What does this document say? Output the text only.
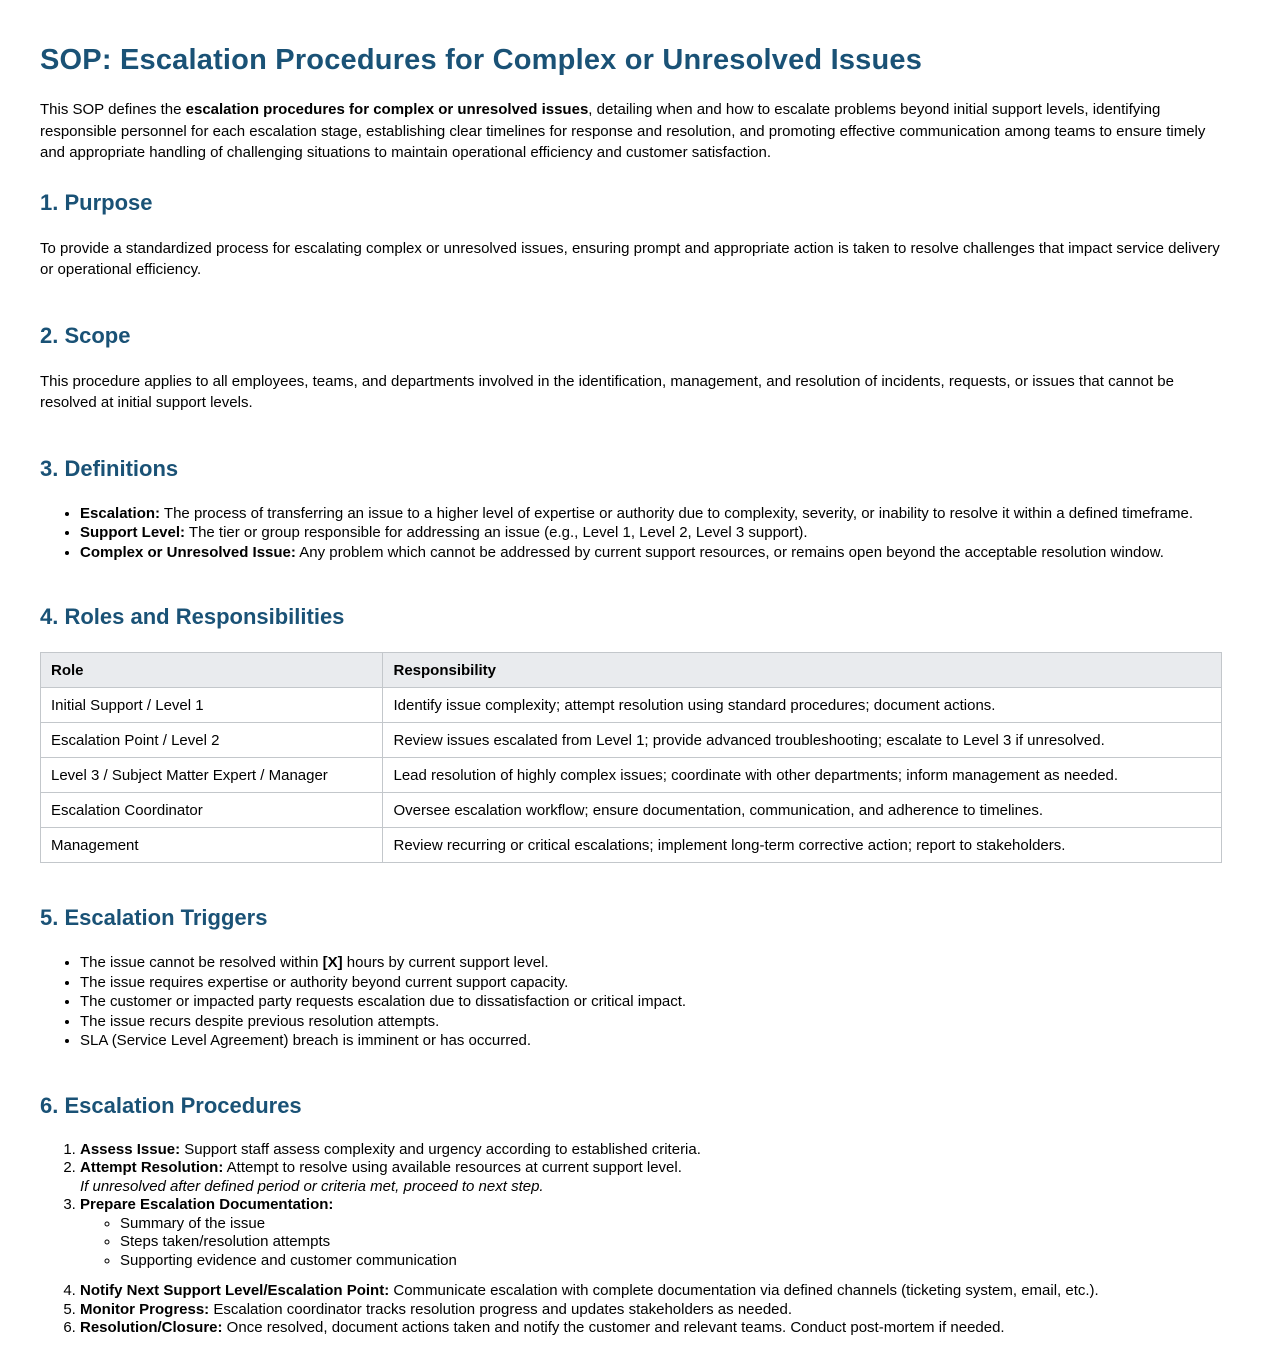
SOP: Escalation Procedures for Complex or Unresolved Issues

This SOP defines the escalation procedures for complex or unresolved issues, detailing when and how to escalate problems beyond initial support levels, identifying responsible personnel for each escalation stage, establishing clear timelines for response and resolution, and promoting effective communication among teams to ensure timely and appropriate handling of challenging situations to maintain operational efficiency and customer satisfaction.

1. Purpose

To provide a standardized process for escalating complex or unresolved issues, ensuring prompt and appropriate action is taken to resolve challenges that impact service delivery or operational efficiency.

2. Scope

This procedure applies to all employees, teams, and departments involved in the identification, management, and resolution of incidents, requests, or issues that cannot be resolved at initial support levels.

3. Definitions
• Escalation: The process of transferring an issue to a higher level of expertise or authority due to complexity, severity, or inability to resolve it within a defined timeframe.
• Support Level: The tier or group responsible for addressing an issue (e.g., Level 1, Level 2, Level 3 support).
• Complex or Unresolved Issue: Any problem which cannot be addressed by current support resources, or remains open beyond the acceptable resolution window.
4. Roles and Responsibilities
Role	Responsibility
Initial Support / Level 1	Identify issue complexity; attempt resolution using standard procedures; document actions.
Escalation Point / Level 2	Review issues escalated from Level 1; provide advanced troubleshooting; escalate to Level 3 if unresolved.
Level 3 / Subject Matter Expert / Manager	Lead resolution of highly complex issues; coordinate with other departments; inform management as needed.
Escalation Coordinator	Oversee escalation workflow; ensure documentation, communication, and adherence to timelines.
Management	Review recurring or critical escalations; implement long-term corrective action; report to stakeholders.
5. Escalation Triggers
• The issue cannot be resolved within [X] hours by current support level.
• The issue requires expertise or authority beyond current support capacity.
• The customer or impacted party requests escalation due to dissatisfaction or critical impact.
• The issue recurs despite previous resolution attempts.
• SLA (Service Level Agreement) breach is imminent or has occurred.
6. Escalation Procedures
1. Assess Issue: Support staff assess complexity and urgency according to established criteria.
2. Attempt Resolution: Attempt to resolve using available resources at current support level.
If unresolved after defined period or criteria met, proceed to next step.
3. Prepare Escalation Documentation:
◦ Summary of the issue
◦ Steps taken/resolution attempts
◦ Supporting evidence and customer communication
4. Notify Next Support Level/Escalation Point: Communicate escalation with complete documentation via defined channels (ticketing system, email, etc.).
5. Monitor Progress: Escalation coordinator tracks resolution progress and updates stakeholders as needed.
6. Resolution/Closure: Once resolved, document actions taken and notify the customer and relevant teams. Conduct post-mortem if needed.
